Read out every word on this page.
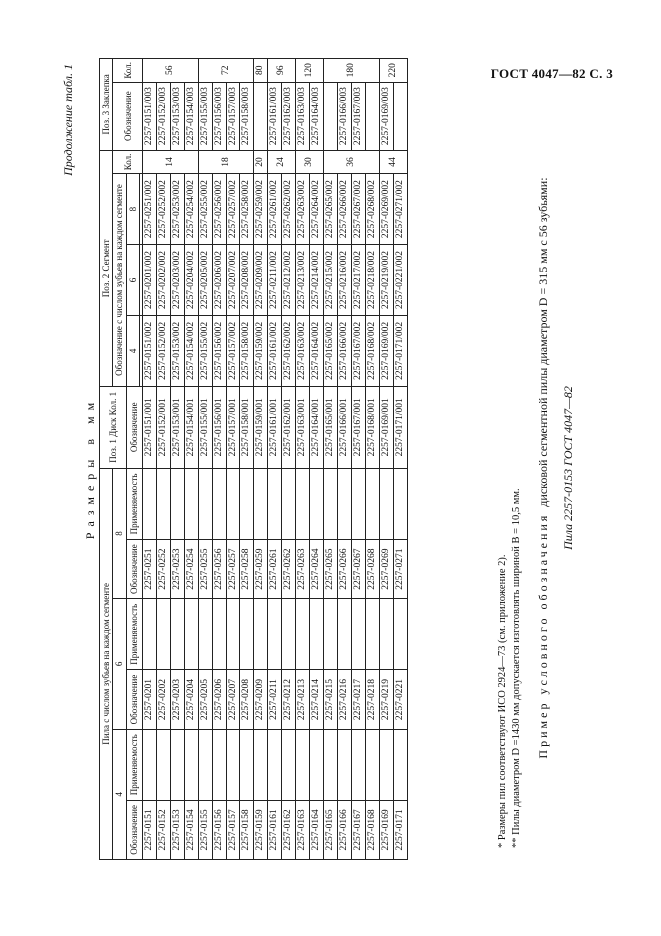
ГОСТ 4047—82 С. 3
Продолжение табл. 1
Размеры в мм
Пила с числом зубьев на каждом сегменте						Поз. 1 Диск Кол. 1	Поз. 2 Сегмент				Поз. 3 Заклепка	
4		6		8			Обозначение с числом зубьев на каждом сегменте			Кол.	Обозначение	Кол.
Обозначение	Применяемость	Обозначение	Применяемость	Обозначение	Применяемость	Обозначение	4	6	8			

2257-0151		2257-0201		2257-0251		2257-0151/001	2257-0151/002	2257-0201/002	2257-0251/002	14	2257-0151/003	56
2257-0152		2257-0202		2257-0252		2257-0152/001	2257-0152/002	2257-0202/002	2257-0252/002		2257-0152/003	
2257-0153		2257-0203		2257-0253		2257-0153/001	2257-0153/002	2257-0203/002	2257-0253/002		2257-0153/003	
2257-0154		2257-0204		2257-0254		2257-0154/001	2257-0154/002	2257-0204/002	2257-0254/002		2257-0154/003	
2257-0155		2257-0205		2257-0255		2257-0155/001	2257-0155/002	2257-0205/002	2257-0255/002	18	2257-0155/003	72
2257-0156		2257-0206		2257-0256		2257-0156/001	2257-0156/002	2257-0206/002	2257-0256/002		2257-0156/003	
2257-0157		2257-0207		2257-0257		2257-0157/001	2257-0157/002	2257-0207/002	2257-0257/002		2257-0157/003	
2257-0158		2257-0208		2257-0258		2257-0158/001	2257-0158/002	2257-0208/002	2257-0258/002		2257-0158/003	
2257-0159		2257-0209		2257-0259		2257-0159/001	2257-0159/002	2257-0209/002	2257-0259/002	20		80
2257-0161		2257-0211		2257-0261		2257-0161/001	2257-0161/002	2257-0211/002	2257-0261/002	24	2257-0161/003	96
2257-0162		2257-0212		2257-0262		2257-0162/001	2257-0162/002	2257-0212/002	2257-0262/002		2257-0162/003	
2257-0163		2257-0213		2257-0263		2257-0163/001	2257-0163/002	2257-0213/002	2257-0263/002	30	2257-0163/003	120
2257-0164		2257-0214		2257-0264		2257-0164/001	2257-0164/002	2257-0214/002	2257-0264/002		2257-0164/003	
2257-0165		2257-0215		2257-0265		2257-0165/001	2257-0165/002	2257-0215/002	2257-0265/002	36		180
2257-0166		2257-0216		2257-0266		2257-0166/001	2257-0166/002	2257-0216/002	2257-0266/002		2257-0166/003	
2257-0167		2257-0217		2257-0267		2257-0167/001	2257-0167/002	2257-0217/002	2257-0267/002		2257-0167/003	
2257-0168		2257-0218		2257-0268		2257-0168/001	2257-0168/002	2257-0218/002	2257-0268/002			
2257-0169		2257-0219		2257-0269		2257-0169/001	2257-0169/002	2257-0219/002	2257-0269/002	44	2257-0169/003	220
2257-0171		2257-0221		2257-0271		2257-0171/001	2257-0171/002	2257-0221/002	2257-0271/002			
* Размеры пил соответствуют ИСО 2924—73 (см. приложение 2). ** Пилы диаметром D =1430 мм допускается изготовлять шириной B = 10,5 мм. Пример условного обозначения дисковой сегментной пилы диаметром D = 315 мм с 56 зубьями: Пила 2257-0153 ГОСТ 4047—82
